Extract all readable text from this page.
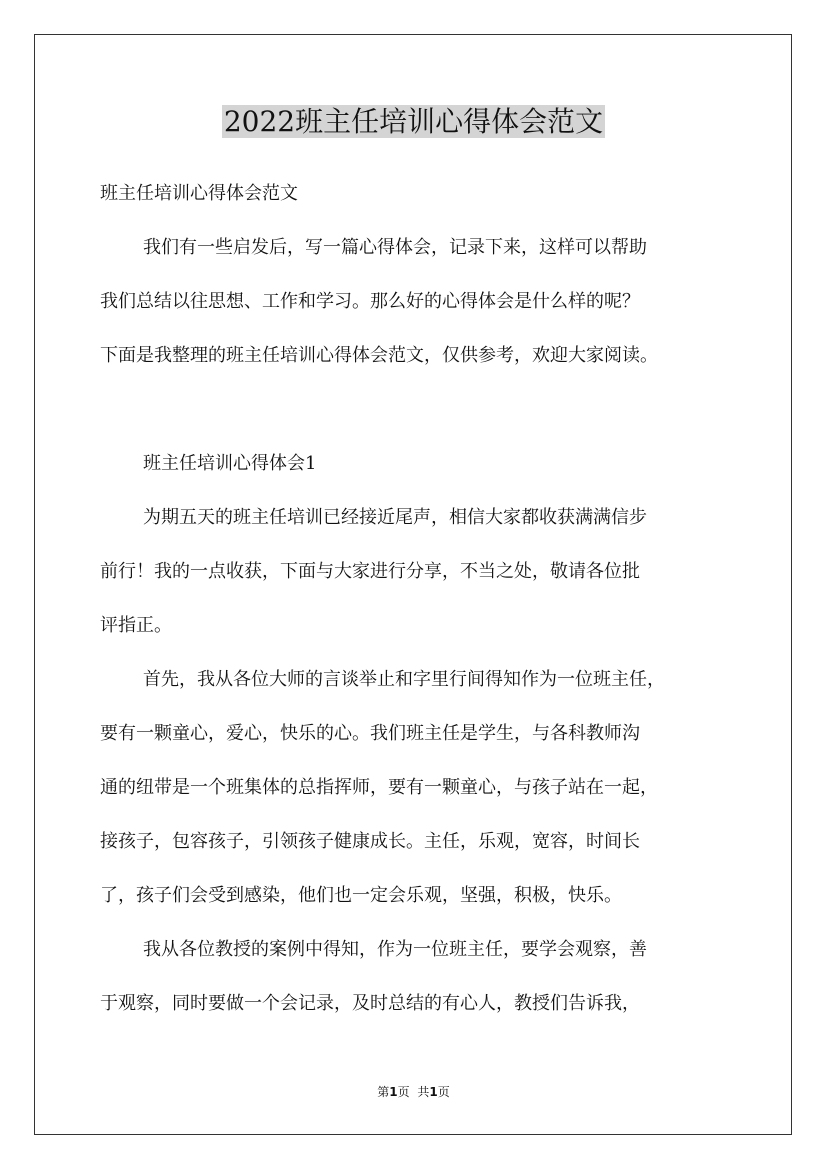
2022班主任培训心得体会范文
班主任培训心得体会范文
我们有一些启发后，写一篇心得体会，记录下来，这样可以帮助
我们总结以往思想、工作和学习。那么好的心得体会是什么样的呢？
下面是我整理的班主任培训心得体会范文，仅供参考，欢迎大家阅读。
班主任培训心得体会1
为期五天的班主任培训已经接近尾声，相信大家都收获满满信步
前行！我的一点收获，下面与大家进行分享，不当之处，敬请各位批
评指正。
首先，我从各位大师的言谈举止和字里行间得知作为一位班主任，
要有一颗童心，爱心，快乐的心。我们班主任是学生，与各科教师沟
通的纽带是一个班集体的总指挥师，要有一颗童心，与孩子站在一起，
接孩子，包容孩子，引领孩子健康成长。主任，乐观，宽容，时间长
了，孩子们会受到感染，他们也一定会乐观，坚强，积极，快乐。
我从各位教授的案例中得知，作为一位班主任，要学会观察，善
于观察，同时要做一个会记录，及时总结的有心人，教授们告诉我，
第1页 共1页
